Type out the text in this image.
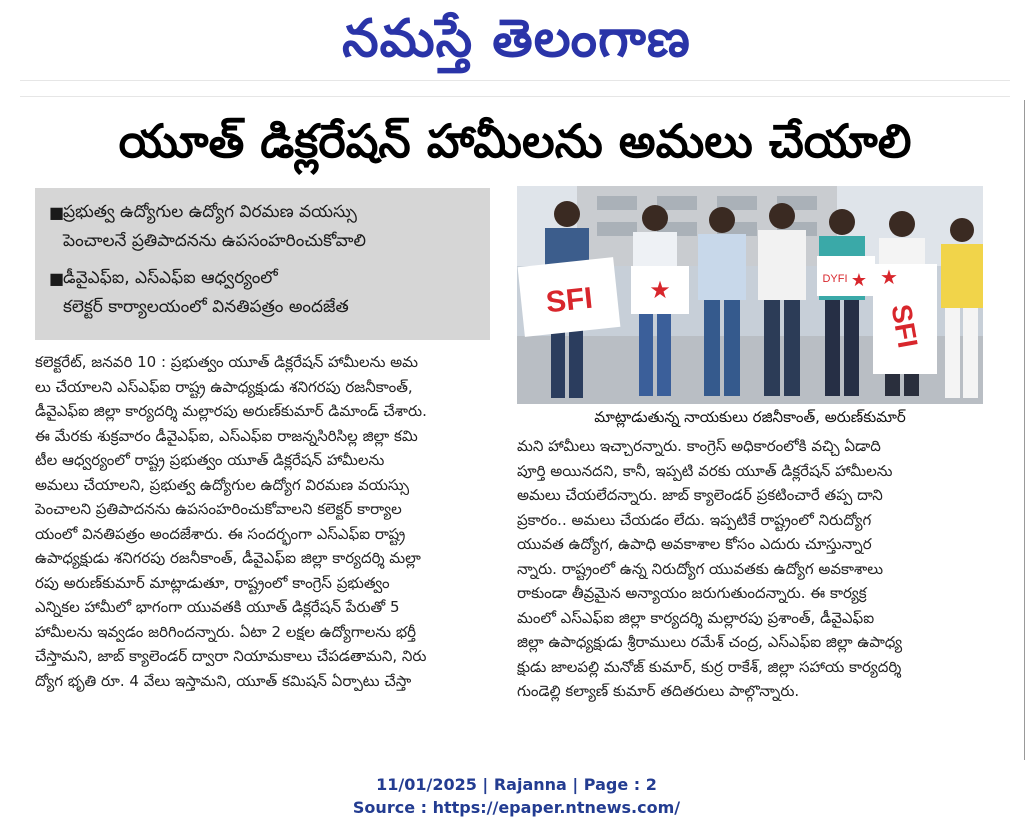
నమస్తే తెలంగాణ
యూత్ డిక్లరేషన్ హామీలను అమలు చేయాలి
■
ప్రభుత్వ ఉద్యోగుల ఉద్యోగ విరమణ వయస్సు
పెంచాలనే ప్రతిపాదనను ఉపసంహరించుకోవాలి
■
డీవైఎఫ్ఐ, ఎస్ఎఫ్ఐ ఆధ్వర్యంలో
కలెక్టర్ కార్యాలయంలో వినతిపత్రం అందజేత
కలెక్టరేట్, జనవరి 10 : ప్రభుత్వం యూత్ డిక్లరేషన్ హామీలను అమ
లు చేయాలని ఎస్ఎఫ్ఐ రాష్ట్ర ఉపాధ్యక్షుడు శనిగరపు రజనీకాంత్,
డీవైఎఫ్ఐ జిల్లా కార్యదర్శి మల్లారపు అరుణ్‌కుమార్ డిమాండ్ చేశారు.
ఈ మేరకు శుక్రవారం డీవైఎఫ్ఐ, ఎస్ఎఫ్ఐ రాజన్నసిరిసిల్ల జిల్లా కమి
టీల ఆధ్వర్యంలో రాష్ట్ర ప్రభుత్వం యూత్ డిక్లరేషన్ హామీలను
అమలు చేయాలని, ప్రభుత్వ ఉద్యోగుల ఉద్యోగ విరమణ వయస్సు
పెంచాలని ప్రతిపాదనను ఉపసంహరించుకోవాలని కలెక్టర్ కార్యాల
యంలో వినతిపత్రం అందజేశారు. ఈ సందర్భంగా ఎస్ఎఫ్ఐ రాష్ట్ర
ఉపాధ్యక్షుడు శనిగరపు రజనీకాంత్, డీవైఎఫ్ఐ జిల్లా కార్యదర్శి మల్లా
రపు అరుణ్‌కుమార్ మాట్లాడుతూ, రాష్ట్రంలో కాంగ్రెస్ ప్రభుత్వం
ఎన్నికల హామీలో భాగంగా యువతకి యూత్ డిక్లరేషన్ పేరుతో 5
హామీలను ఇవ్వడం జరిగిందన్నారు. ఏటా 2 లక్షల ఉద్యోగాలను భర్తీ
చేస్తామని, జాబ్ క్యాలెండర్ ద్వారా నియామకాలు చేపడతామని, నిరు
ద్యోగ భృతి రూ. 4 వేలు ఇస్తామని, యూత్ కమిషన్ ఏర్పాటు చేస్తా
SFI ★	DYFI ★
SFI
★
మాట్లాడుతున్న నాయకులు రజినీకాంత్, అరుణ్‌కుమార్
మని హామీలు ఇచ్చారన్నారు. కాంగ్రెస్ అధికారంలోకి వచ్చి ఏడాది
పూర్తి అయినదని, కానీ, ఇప్పటి వరకు యూత్ డిక్లరేషన్ హామీలను
అమలు చేయలేదన్నారు. జాబ్ క్యాలెండర్ ప్రకటించారే తప్ప దాని
ప్రకారం.. అమలు చేయడం లేదు. ఇప్పటికే రాష్ట్రంలో నిరుద్యోగ
యువత ఉద్యోగ, ఉపాధి అవకాశాల కోసం ఎదురు చూస్తున్నార
న్నారు. రాష్ట్రంలో ఉన్న నిరుద్యోగ యువతకు ఉద్యోగ అవకాశాలు
రాకుండా తీవ్రమైన అన్యాయం జరుగుతుందన్నారు. ఈ కార్యక్ర
మంలో ఎస్ఎఫ్ఐ జిల్లా కార్యదర్శి మల్లారపు ప్రశాంత్, డీవైఎఫ్ఐ
జిల్లా ఉపాధ్యక్షుడు శ్రీరాములు రమేశ్ చంద్ర, ఎస్ఎఫ్ఐ జిల్లా ఉపాధ్య
క్షుడు జాలపల్లి మనోజ్ కుమార్, కుర్ర రాకేశ్, జిల్లా సహాయ కార్యదర్శి
గుండెల్లి కల్యాణ్ కుమార్ తదితరులు పాల్గొన్నారు.
11/01/2025 | Rajanna | Page : 2
Source : https://epaper.ntnews.com/
